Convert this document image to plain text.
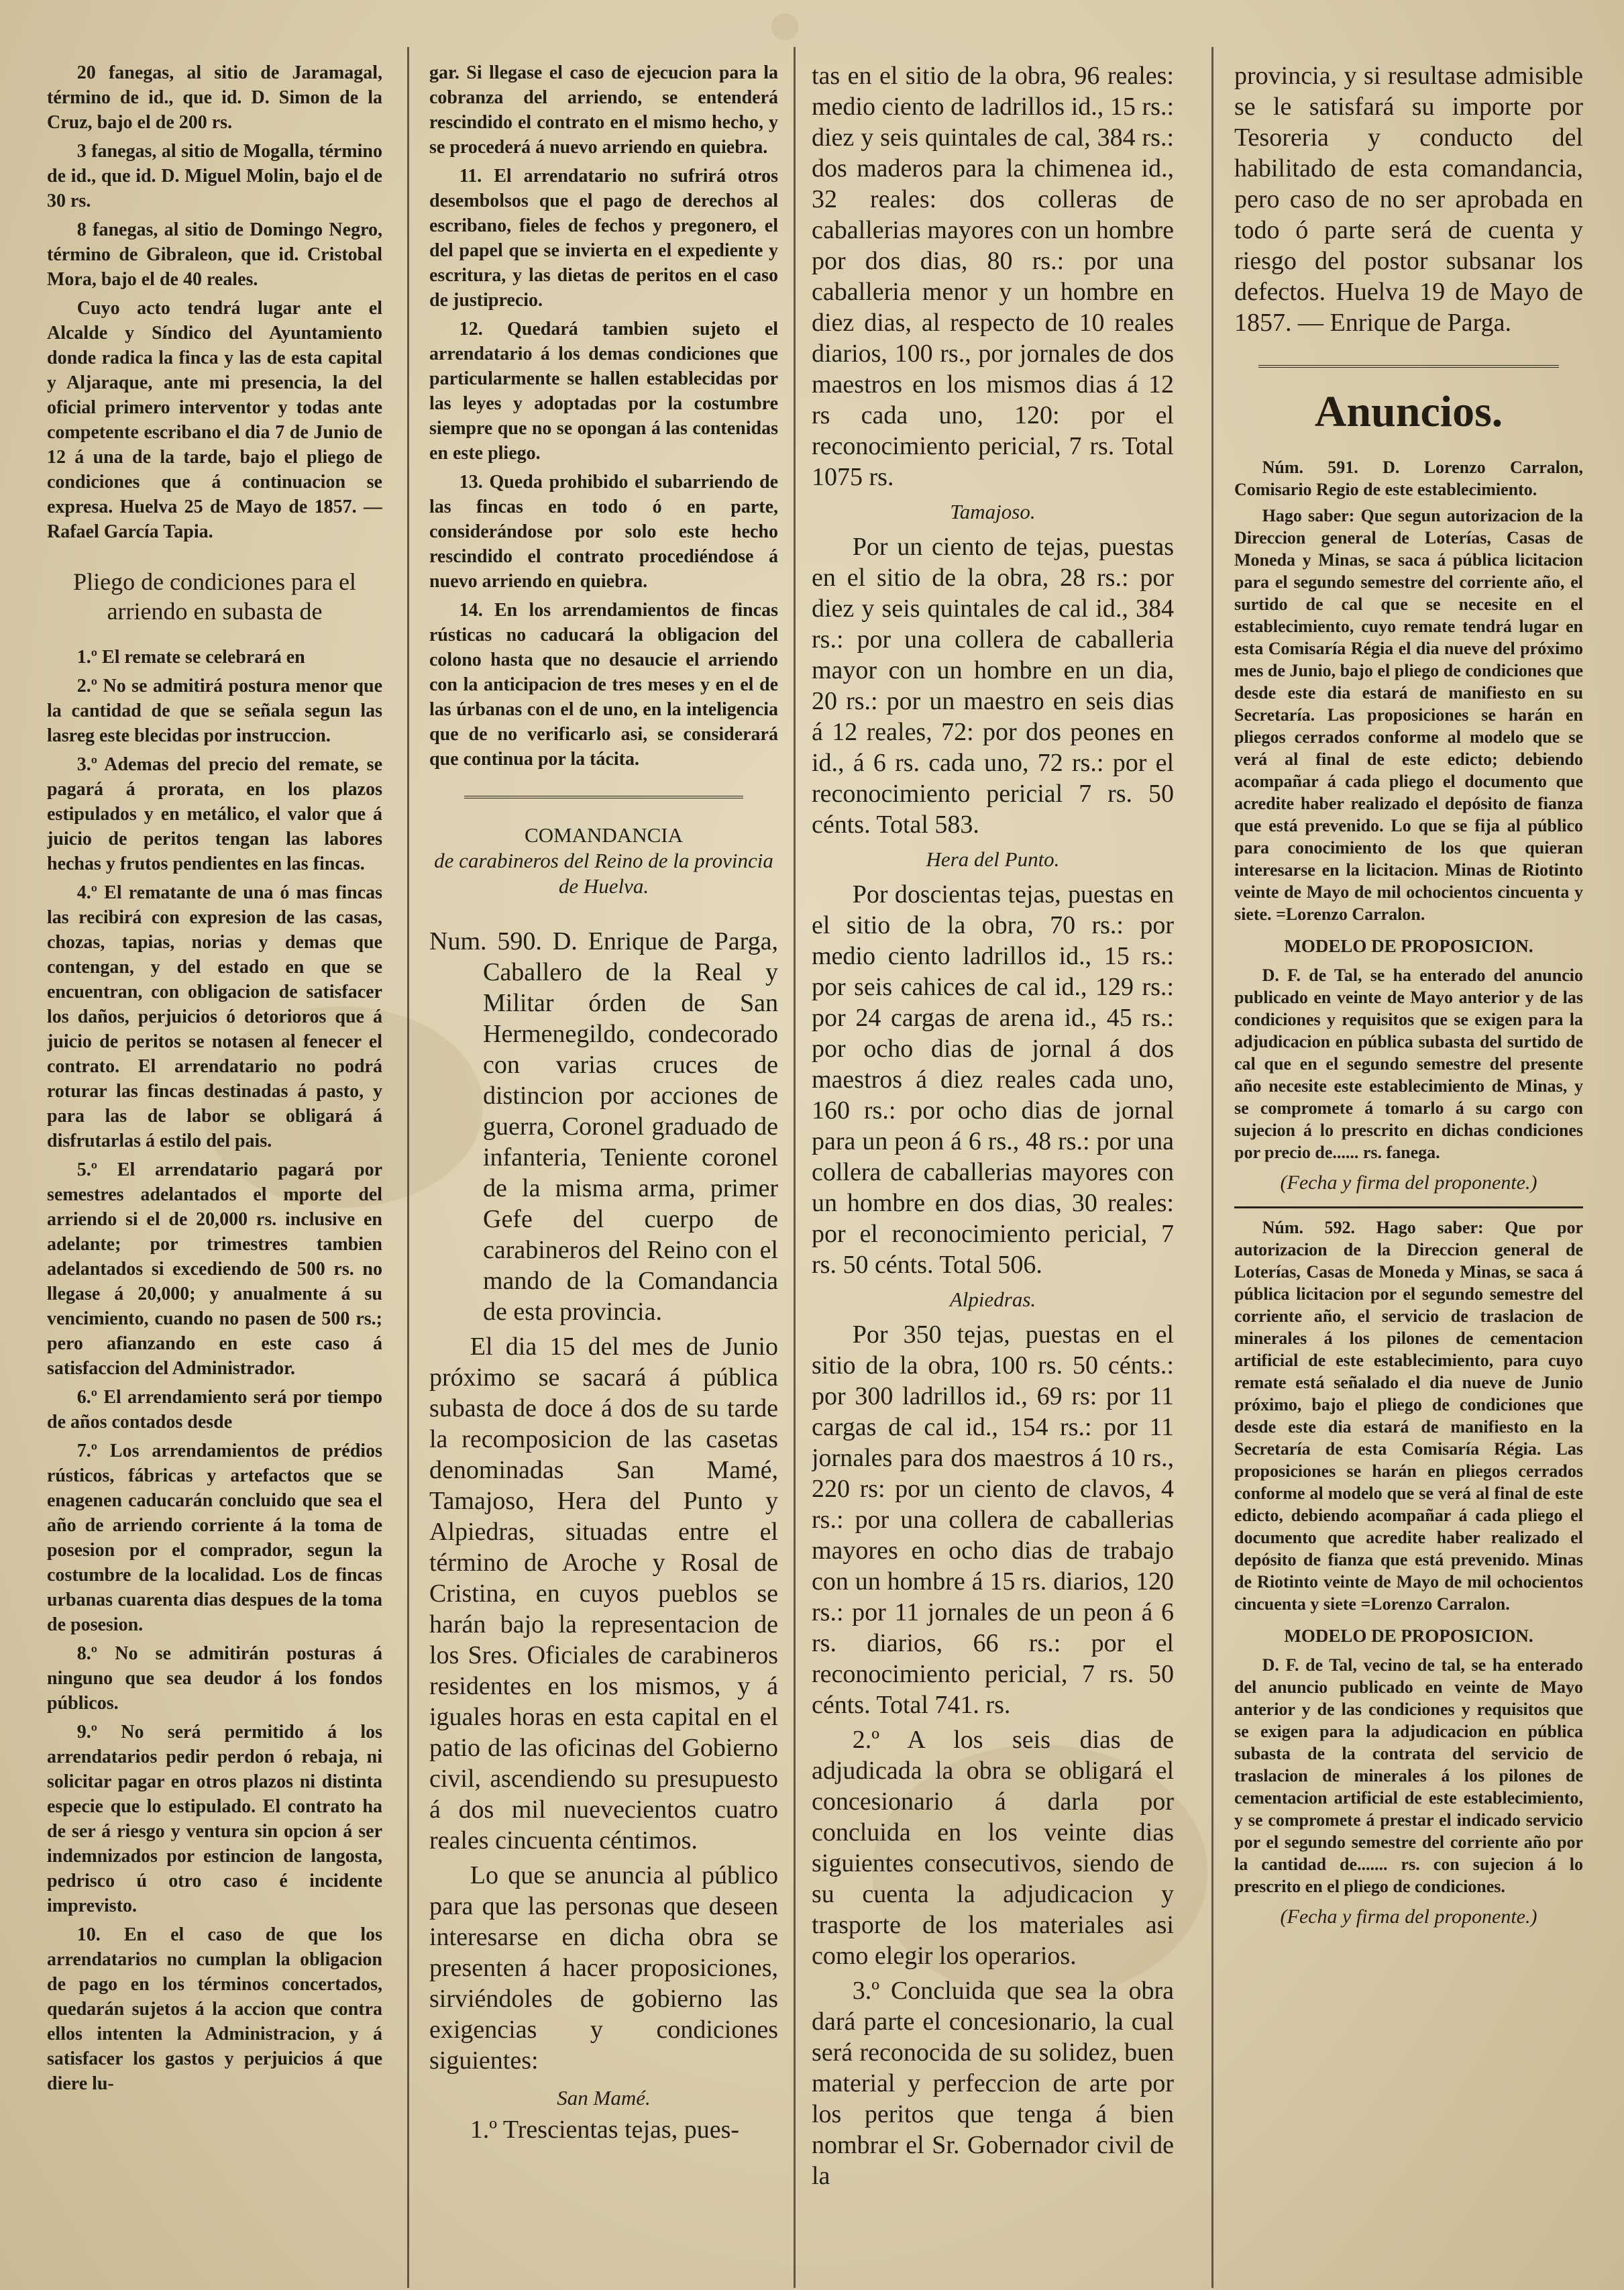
20 fanegas, al sitio de Jaramagal, término de id., que id. D. Simon de la Cruz, bajo el de 200 rs.

3 fanegas, al sitio de Mogalla, término de id., que id. D. Miguel Molin, bajo el de 30 rs.

8 fanegas, al sitio de Domingo Negro, término de Gibraleon, que id. Cristobal Mora, bajo el de 40 reales.

Cuyo acto tendrá lugar ante el Alcalde y Síndico del Ayuntamiento donde radica la finca y las de esta capital y Aljaraque, ante mi presencia, la del oficial primero interventor y todas ante competente escribano el dia 7 de Junio de 12 á una de la tarde, bajo el pliego de condiciones que á continuacion se expresa. Huelva 25 de Mayo de 1857. —Rafael García Tapia.

Pliego de condiciones para el arriendo en subasta de

1.º El remate se celebrará en

2.º No se admitirá postura menor que la cantidad de que se señala segun las lasreg este blecidas por instruccion.

3.º Ademas del precio del remate, se pagará á prorata, en los plazos estipulados y en metálico, el valor que á juicio de peritos tengan las labores hechas y frutos pendientes en las fincas.

4.º El rematante de una ó mas fincas las recibirá con expresion de las casas, chozas, tapias, norias y demas que contengan, y del estado en que se encuentran, con obligacion de satisfacer los daños, perjuicios ó detorioros que á juicio de peritos se notasen al fenecer el contrato. El arrendatario no podrá roturar las fincas destinadas á pasto, y para las de labor se obligará á disfrutarlas á estilo del pais.

5.º El arrendatario pagará por semestres adelantados el mporte del arriendo si el de 20,000 rs. inclusive en adelante; por trimestres tambien adelantados si excediendo de 500 rs. no llegase á 20,000; y anualmente á su vencimiento, cuando no pasen de 500 rs.; pero afianzando en este caso á satisfaccion del Administrador.

6.º El arrendamiento será por tiempo de años contados desde

7.º Los arrendamientos de prédios rústicos, fábricas y artefactos que se enagenen caducarán concluido que sea el año de arriendo corriente á la toma de posesion por el comprador, segun la costumbre de la localidad. Los de fincas urbanas cuarenta dias despues de la toma de posesion.

8.º No se admitirán posturas á ninguno que sea deudor á los fondos públicos.

9.º No será permitido á los arrendatarios pedir perdon ó rebaja, ni solicitar pagar en otros plazos ni distinta especie que lo estipulado. El contrato ha de ser á riesgo y ventura sin opcion á ser indemnizados por estincion de langosta, pedrisco ú otro caso é incidente imprevisto.

10. En el caso de que los arrendatarios no cumplan la obligacion de pago en los términos concertados, quedarán sujetos á la accion que contra ellos intenten la Administracion, y á satisfacer los gastos y perjuicios á que diere lu-

gar. Si llegase el caso de ejecucion para la cobranza del arriendo, se entenderá rescindido el contrato en el mismo hecho, y se procederá á nuevo arriendo en quiebra.

11. El arrendatario no sufrirá otros desembolsos que el pago de derechos al escribano, fieles de fechos y pregonero, el del papel que se invierta en el expediente y escritura, y las dietas de peritos en el caso de justiprecio.

12. Quedará tambien sujeto el arrendatario á los demas condiciones que particularmente se hallen establecidas por las leyes y adoptadas por la costumbre siempre que no se opongan á las contenidas en este pliego.

13. Queda prohibido el subarriendo de las fincas en todo ó en parte, considerándose por solo este hecho rescindido el contrato procediéndose á nuevo arriendo en quiebra.

14. En los arrendamientos de fincas rústicas no caducará la obligacion del colono hasta que no desaucie el arriendo con la anticipacion de tres meses y en el de las úrbanas con el de uno, en la inteligencia que de no verificarlo asi, se considerará que continua por la tácita.

COMANDANCIA

de carabineros del Reino de la provincia de Huelva.

Num. 590. D. Enrique de Parga, Caballero de la Real y Militar órden de San Hermenegildo, condecorado con varias cruces de distincion por acciones de guerra, Coronel graduado de infanteria, Teniente coronel de la misma arma, primer Gefe del cuerpo de carabineros del Reino con el mando de la Comandancia de esta provincia.

El dia 15 del mes de Junio próximo se sacará á pública subasta de doce á dos de su tarde la recomposicion de las casetas denominadas San Mamé, Tamajoso, Hera del Punto y Alpiedras, situadas entre el término de Aroche y Rosal de Cristina, en cuyos pueblos se harán bajo la representacion de los Sres. Oficiales de carabineros residentes en los mismos, y á iguales horas en esta capital en el patio de las oficinas del Gobierno civil, ascendiendo su presupuesto á dos mil nuevecientos cuatro reales cincuenta céntimos.

Lo que se anuncia al público para que las personas que deseen interesarse en dicha obra se presenten á hacer proposiciones, sirviéndoles de gobierno las exigencias y condiciones siguientes:

San Mamé.

1.º Trescientas tejas, pues-

tas en el sitio de la obra, 96 reales: medio ciento de ladrillos id., 15 rs.: diez y seis quintales de cal, 384 rs.: dos maderos para la chimenea id., 32 reales: dos colleras de caballerias mayores con un hombre por dos dias, 80 rs.: por una caballeria menor y un hombre en diez dias, al respecto de 10 reales diarios, 100 rs., por jornales de dos maestros en los mismos dias á 12 rs cada uno, 120: por el reconocimiento pericial, 7 rs. Total 1075 rs.

Tamajoso.

Por un ciento de tejas, puestas en el sitio de la obra, 28 rs.: por diez y seis quintales de cal id., 384 rs.: por una collera de caballeria mayor con un hombre en un dia, 20 rs.: por un maestro en seis dias á 12 reales, 72: por dos peones en id., á 6 rs. cada uno, 72 rs.: por el reconocimiento pericial 7 rs. 50 cénts. Total 583.

Hera del Punto.

Por doscientas tejas, puestas en el sitio de la obra, 70 rs.: por medio ciento ladrillos id., 15 rs.: por seis cahices de cal id., 129 rs.: por 24 cargas de arena id., 45 rs.: por ocho dias de jornal á dos maestros á diez reales cada uno, 160 rs.: por ocho dias de jornal para un peon á 6 rs., 48 rs.: por una collera de caballerias mayores con un hombre en dos dias, 30 reales: por el reconocimiento pericial, 7 rs. 50 cénts. Total 506.

Alpiedras.

Por 350 tejas, puestas en el sitio de la obra, 100 rs. 50 cénts.: por 300 ladrillos id., 69 rs: por 11 cargas de cal id., 154 rs.: por 11 jornales para dos maestros á 10 rs., 220 rs: por un ciento de clavos, 4 rs.: por una collera de caballerias mayores en ocho dias de trabajo con un hombre á 15 rs. diarios, 120 rs.: por 11 jornales de un peon á 6 rs. diarios, 66 rs.: por el reconocimiento pericial, 7 rs. 50 cénts. Total 741. rs.

2.º A los seis dias de adjudicada la obra se obligará el concesionario á darla por concluida en los veinte dias siguientes consecutivos, siendo de su cuenta la adjudicacion y trasporte de los materiales asi como elegir los operarios.

3.º Concluida que sea la obra dará parte el concesionario, la cual será reconocida de su solidez, buen material y perfeccion de arte por los peritos que tenga á bien nombrar el Sr. Gobernador civil de la

provincia, y si resultase admisible se le satisfará su importe por Tesoreria y conducto del habilitado de esta comandancia, pero caso de no ser aprobada en todo ó parte será de cuenta y riesgo del postor subsanar los defectos. Huelva 19 de Mayo de 1857. — Enrique de Parga.

Anuncios.

Núm. 591. D. Lorenzo Carralon, Comisario Regio de este establecimiento.

Hago saber: Que segun autorizacion de la Direccion general de Loterías, Casas de Moneda y Minas, se saca á pública licitacion para el segundo semestre del corriente año, el surtido de cal que se necesite en el establecimiento, cuyo remate tendrá lugar en esta Comisaría Régia el dia nueve del próximo mes de Junio, bajo el pliego de condiciones que desde este dia estará de manifiesto en su Secretaría. Las proposiciones se harán en pliegos cerrados conforme al modelo que se verá al final de este edicto; debiendo acompañar á cada pliego el documento que acredite haber realizado el depósito de fianza que está prevenido. Lo que se fija al público para conocimiento de los que quieran interesarse en la licitacion. Minas de Riotinto veinte de Mayo de mil ochocientos cincuenta y siete. =Lorenzo Carralon.

MODELO DE PROPOSICION.

D. F. de Tal, se ha enterado del anuncio publicado en veinte de Mayo anterior y de las condiciones y requisitos que se exigen para la adjudicacion en pública subasta del surtido de cal que en el segundo semestre del presente año necesite este establecimiento de Minas, y se compromete á tomarlo á su cargo con sujecion á lo prescrito en dichas condiciones por precio de...... rs. fanega.

(Fecha y firma del proponente.)

Núm. 592. Hago saber: Que por autorizacion de la Direccion general de Loterías, Casas de Moneda y Minas, se saca á pública licitacion por el segundo semestre del corriente año, el servicio de traslacion de minerales á los pilones de cementacion artificial de este establecimiento, para cuyo remate está señalado el dia nueve de Junio próximo, bajo el pliego de condiciones que desde este dia estará de manifiesto en la Secretaría de esta Comisaría Régia. Las proposiciones se harán en pliegos cerrados conforme al modelo que se verá al final de este edicto, debiendo acompañar á cada pliego el documento que acredite haber realizado el depósito de fianza que está prevenido. Minas de Riotinto veinte de Mayo de mil ochocientos cincuenta y siete =Lorenzo Carralon.

MODELO DE PROPOSICION.

D. F. de Tal, vecino de tal, se ha enterado del anuncio publicado en veinte de Mayo anterior y de las condiciones y requisitos que se exigen para la adjudicacion en pública subasta de la contrata del servicio de traslacion de minerales á los pilones de cementacion artificial de este establecimiento, y se compromete á prestar el indicado servicio por el segundo semestre del corriente año por la cantidad de....... rs. con sujecion á lo prescrito en el pliego de condiciones.

(Fecha y firma del proponente.)
